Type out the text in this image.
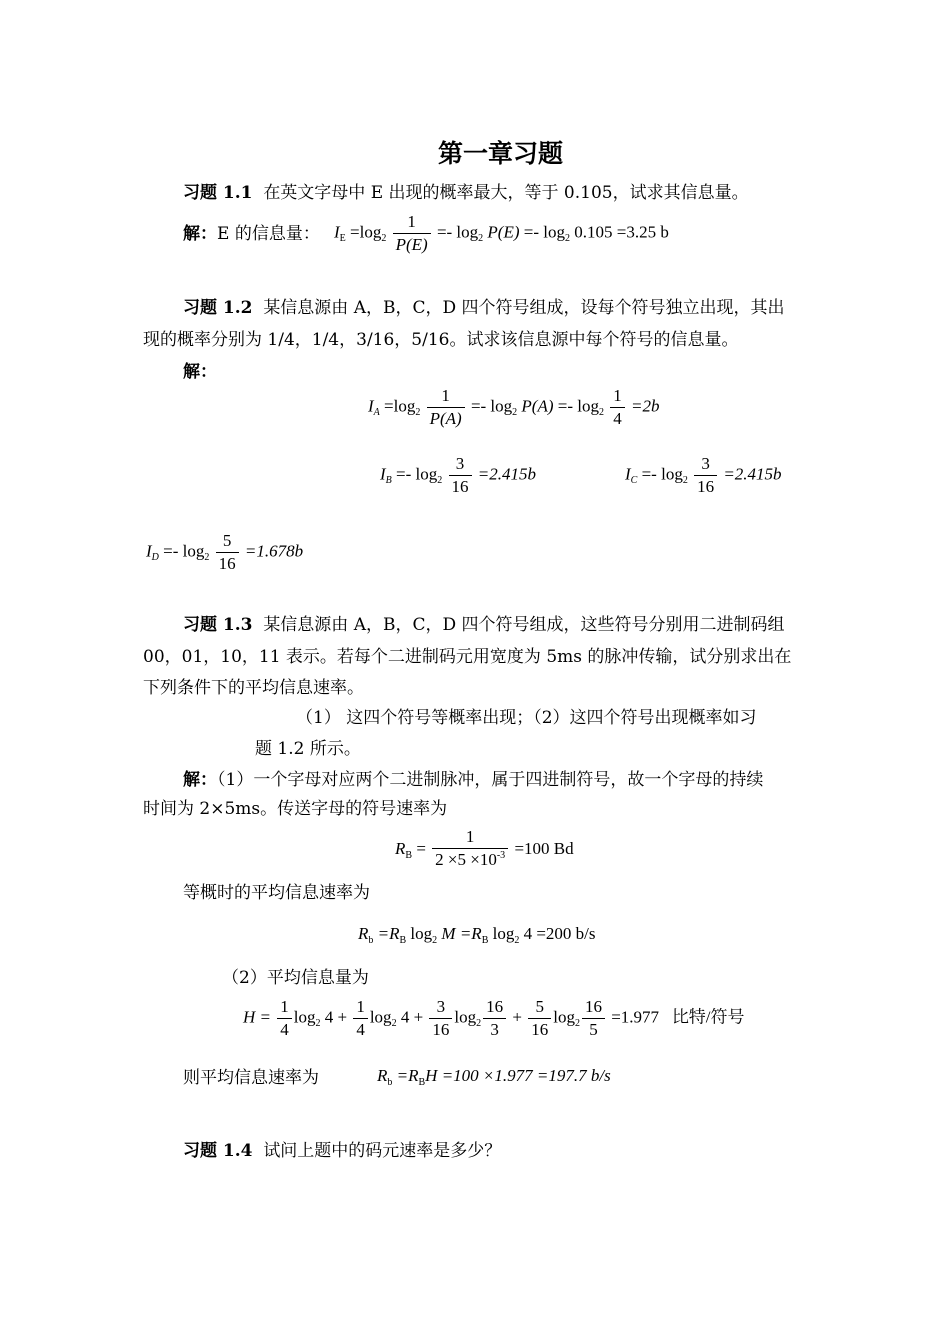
第一章习题
习题 1.1 在英文字母中 E 出现的概率最大，等于 0.105，试求其信息量。
解：E 的信息量： $I_E =\log_2 \frac{1}{P(E)} =- \log_2 P(E) =- \log_2 0.105 =3.25$ b
习题 1.2 某信息源由 A，B，C，D 四个符号组成，设每个符号独立出现，其出
现的概率分别为 1/4，1/4，3/16，5/16。试求该信息源中每个符号的信息量。
解：
$I_A =\log_2 \frac{1}{P(A)} =- \log_2 P(A) =- \log_2 \frac{1}{4} =2b$
$I_B =- \log_2 \frac{3}{16} =2.415b$	$I_C =- \log_2 \frac{3}{16} =2.415b$
$I_D =- \log_2 \frac{5}{16} =1.678b$
习题 1.3 某信息源由 A，B，C，D 四个符号组成，这些符号分别用二进制码组
00，01，10，11 表示。若每个二进制码元用宽度为 5ms 的脉冲传输，试分别求出在
下列条件下的平均信息速率。
（1） 这四个符号等概率出现；（2）这四个符号出现概率如习
题 1.2 所示。
解：（1）一个字母对应两个二进制脉冲，属于四进制符号，故一个字母的持续
时间为 2×5ms。传送字母的符号速率为
$R_B = \frac{1}{2 \times 5 \times 10^{-3}} =100$ Bd
等概时的平均信息速率为
$R_b =R_B$ $\log_2 M =R_B$ $\log_2 4 =200$ b/s
（2）平均信息量为
$H = \frac{1}{4} \log_2 4 + \frac{1}{4} \log_2 4 + \frac{3}{16} \log_2 \frac{16}{3} + \frac{5}{16} \log_2 \frac{16}{5} =1.977$ 比特/符号
则平均信息速率为	$R_b =R_BH =100 \times 1.977 =197.7$ b/s
习题 1.4 试问上题中的码元速率是多少？
